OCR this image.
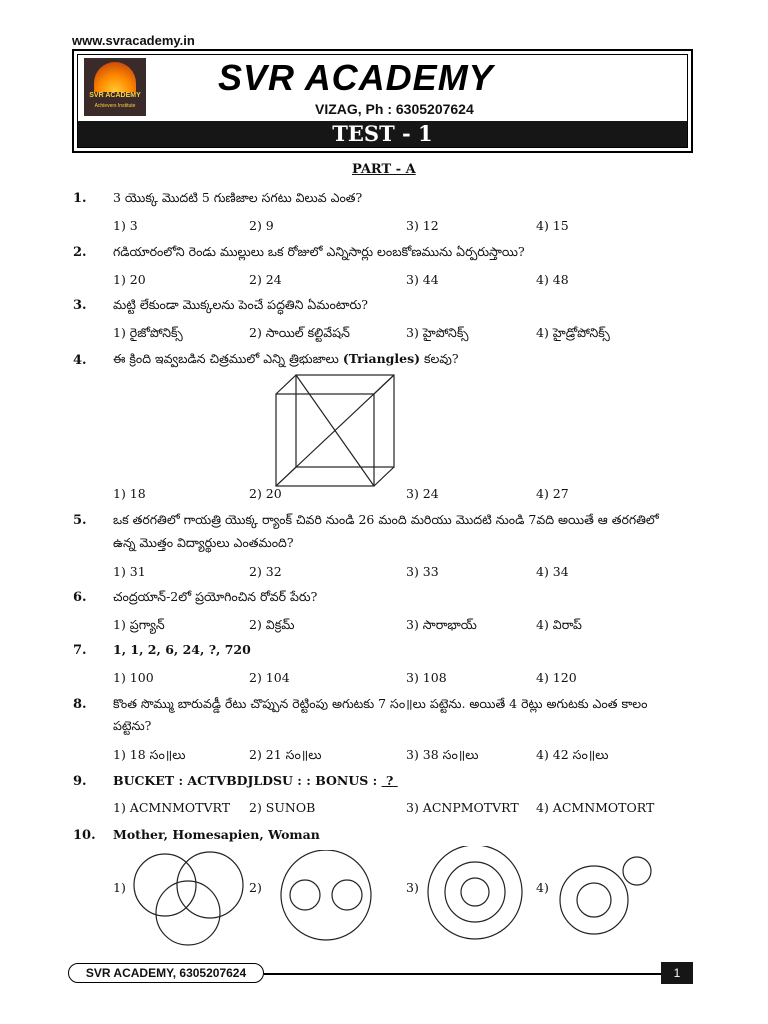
www.svracademy.in
SVR ACADEMY
Achievers Institute
SVR ACADEMY
VIZAG, Ph : 6305207624
TEST - 1
PART - A
1. 3 యొక్క మొదటి 5 గుణిజాల సగటు విలువ ఎంత?
1) 3	2) 9	3) 12	4) 15
2. గడియారంలోని రెండు ముల్లులు ఒక రోజులో ఎన్నిసార్లు లంబకోణమును ఏర్పరుస్తాయి?
1) 20	2) 24	3) 44	4) 48
3. మట్టి లేకుండా మొక్కలను పెంచే పద్ధతిని ఏమంటారు?
1) రైజోపోనిక్స్	2) సాయిల్ కల్టివేషన్	3) హైపోనిక్స్	4) హైడ్రోపోనిక్స్
4. ఈ క్రింది ఇవ్వబడిన చిత్రములో ఎన్ని త్రిభుజాలు (Triangles) కలవు?
1) 18	2) 20	3) 24	4) 27
5. ఒక తరగతిలో గాయత్రి యొక్క ర్యాంక్ చివరి నుండి 26 మంది మరియు మొదటి నుండి 7వది అయితే ఆ తరగతిలో
ఉన్న మొత్తం విద్యార్థులు ఎంతమంది?
1) 31	2) 32	3) 33	4) 34
6. చంద్రయాన్-2లో ప్రయోగించిన రోవర్ పేరు?
1) ప్రగ్యాన్	2) విక్రమ్	3) సారాభాయ్	4) విరాప్
7. 1, 1, 2, 6, 24, ?, 720
1) 100	2) 104	3) 108	4) 120
8. కొంత సొమ్ము బారువడ్డీ రేటు చొప్పున రెట్టింపు అగుటకు 7 సం॥లు పట్టెను. అయితే 4 రెట్లు అగుటకు ఎంత కాలం
పట్టెను?
1) 18 సం॥లు	2) 21 సం॥లు	3) 38 సం॥లు	4) 42 సం॥లు
9. BUCKET : ACTVBDJLDSU : : BONUS :  ?
1) ACMNMOTVRT 2) SUNOB	3) ACNPMOTVRT 4) ACMNMOTORT
10. Mother, Homesapien, Woman
1)	2)	3)	4)
SVR ACADEMY, 6305207624	1
